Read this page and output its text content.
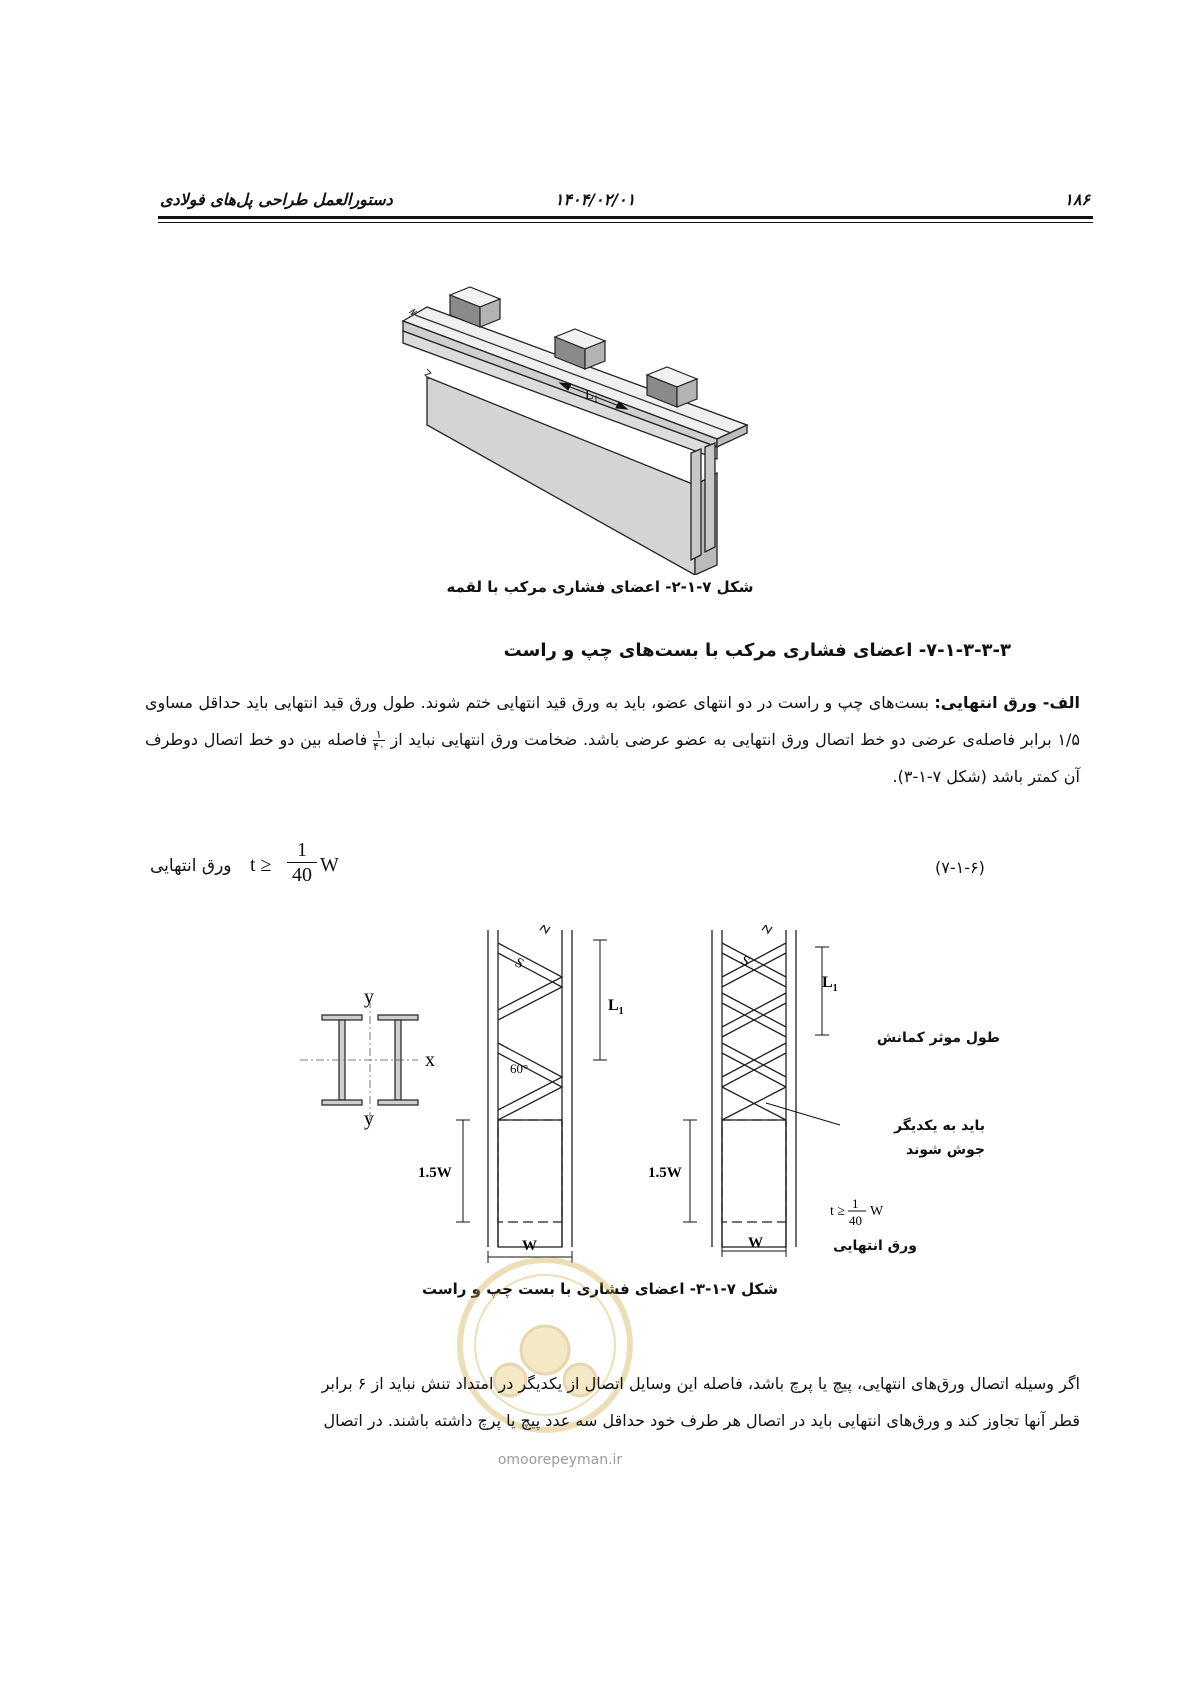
۱۸۶
۱۴۰۴/۰۲/۰۱
دستورالعمل طراحی پل‌های فولادی
$L_1$
شکل ۷-۱-۲- اعضای فشاری مرکب با لقمه
۷-۱-۳-۳-۳- اعضای فشاری مرکب با بست‌های چپ و راست
الف- ورق انتهایی: بست‌های چپ و راست در دو انتهای عضو، باید به ورق قید انتهایی ختم شوند. طول ورق قید انتهایی باید حداقل مساوی ۱/۵ برابر فاصله‌ی عرضی دو خط اتصال ورق انتهایی به عضو عرضی باشد. ضخامت ورق انتهایی نباید از
۱
۴۰
فاصله بین دو خط اتصال دوطرف آن کمتر باشد (شکل ۷-۱-۳).
(۷-۱-۶)
ورق انتهایی t ≥
1
40 W
x
y
y
S
60°
$L_1$
1.5W
W
S
$L_1$
1.5W
W
t ≥
1
40
W
طول موثر کمانش
باید به یکدیگر
جوش شوند
ورق انتهایی
شکل ۷-۱-۳- اعضای فشاری با بست چپ و راست
اگر وسیله اتصال ورق‌های انتهایی، پیچ یا پرچ باشد، فاصله این وسایل اتصال از یکدیگر در امتداد تنش نباید از ۶ برابر
قطر آنها تجاوز کند و ورق‌های انتهایی باید در اتصال هر طرف خود حداقل سه عدد پیچ یا پرچ داشته باشند. در اتصال
omoorepeyman.ir
